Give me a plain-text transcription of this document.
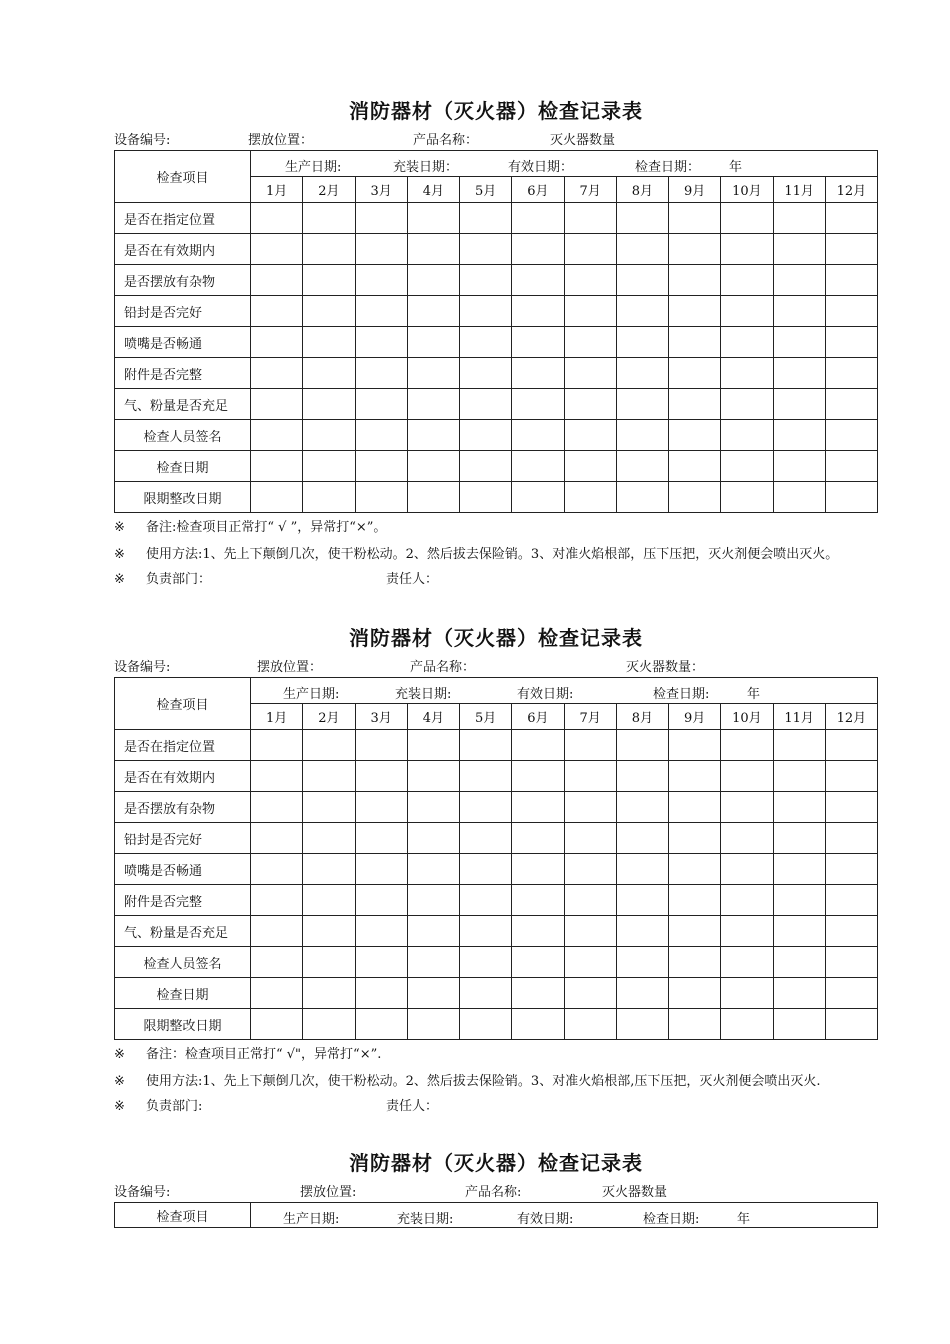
消防器材（灭火器）检查记录表
设备编号:	摆放位置：	产品名称：	灭火器数量
检查项目	生产日期: 充装日期： 有效日期： 检查日期： 年											

	1月	2月	3月	4月	5月	6月	7月	8月	9月	10月	11月	12月
是否在指定位置												
是否在有效期内												
是否摆放有杂物												
铅封是否完好												
喷嘴是否畅通												
附件是否完整												
气、粉量是否充足												
检查人员签名												
检查日期												
限期整改日期												
※ 备注:检查项目正常打“ √ ”，异常打“×”。
※ 使用方法:1、先上下颠倒几次，使干粉松动。2、然后拔去保险销。3、对准火焰根部，压下压把，灭火剂便会喷出灭火。
※ 负责部门：	责任人：
消防器材（灭火器）检查记录表
设备编号:	摆放位置：	产品名称：	灭火器数量：
检查项目	生产日期: 充装日期: 有效日期: 检查日期: 年											

	1月	2月	3月	4月	5月	6月	7月	8月	9月	10月	11月	12月
是否在指定位置												
是否在有效期内												
是否摆放有杂物												
铅封是否完好												
喷嘴是否畅通												
附件是否完整												
气、粉量是否充足												
检查人员签名												
检查日期												
限期整改日期												
※ 备注：检查项目正常打“ √"，异常打“×”.
※ 使用方法:1、先上下颠倒几次，使干粉松动。2、然后拔去保险销。3、对准火焰根部,压下压把，灭火剂便会喷出灭火.
※ 负责部门:	责任人：
消防器材（灭火器）检查记录表
设备编号:	摆放位置:	产品名称:	灭火器数量
检查项目	生产日期:	充装日期:	有效日期:	检查日期:	年
